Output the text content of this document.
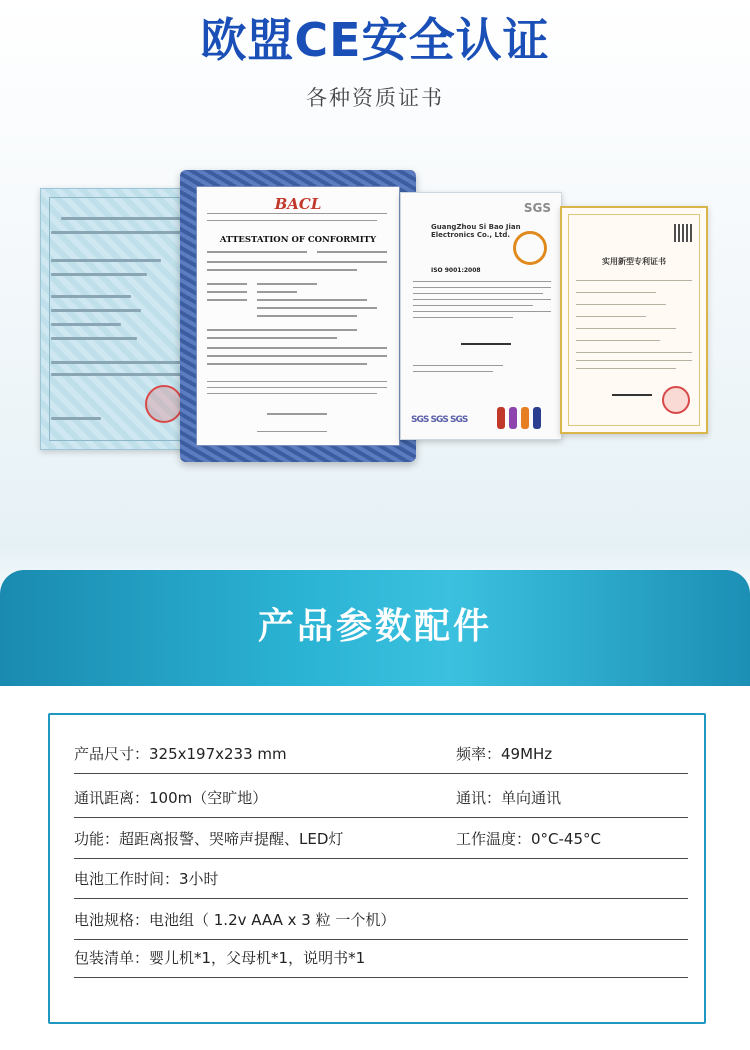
欧盟CE安全认证
各种资质证书
BACL
ATTESTATION OF CONFORMITY
SGS
GuangZhou Si Bao Jian Electronics Co., Ltd.
ISO 9001:2008
SGS SGS SGS
实用新型专利证书
产品参数配件
产品尺寸：325x197x233 mm	频率：49MHz
通讯距离：100m（空旷地）	通讯：单向通讯
功能：超距离报警、哭啼声提醒、LED灯	工作温度：0°C-45°C
电池工作时间：3小时
电池规格：电池组（ 1.2v AAA x 3 粒 一个机）
包装清单：婴儿机*1，父母机*1，说明书*1
